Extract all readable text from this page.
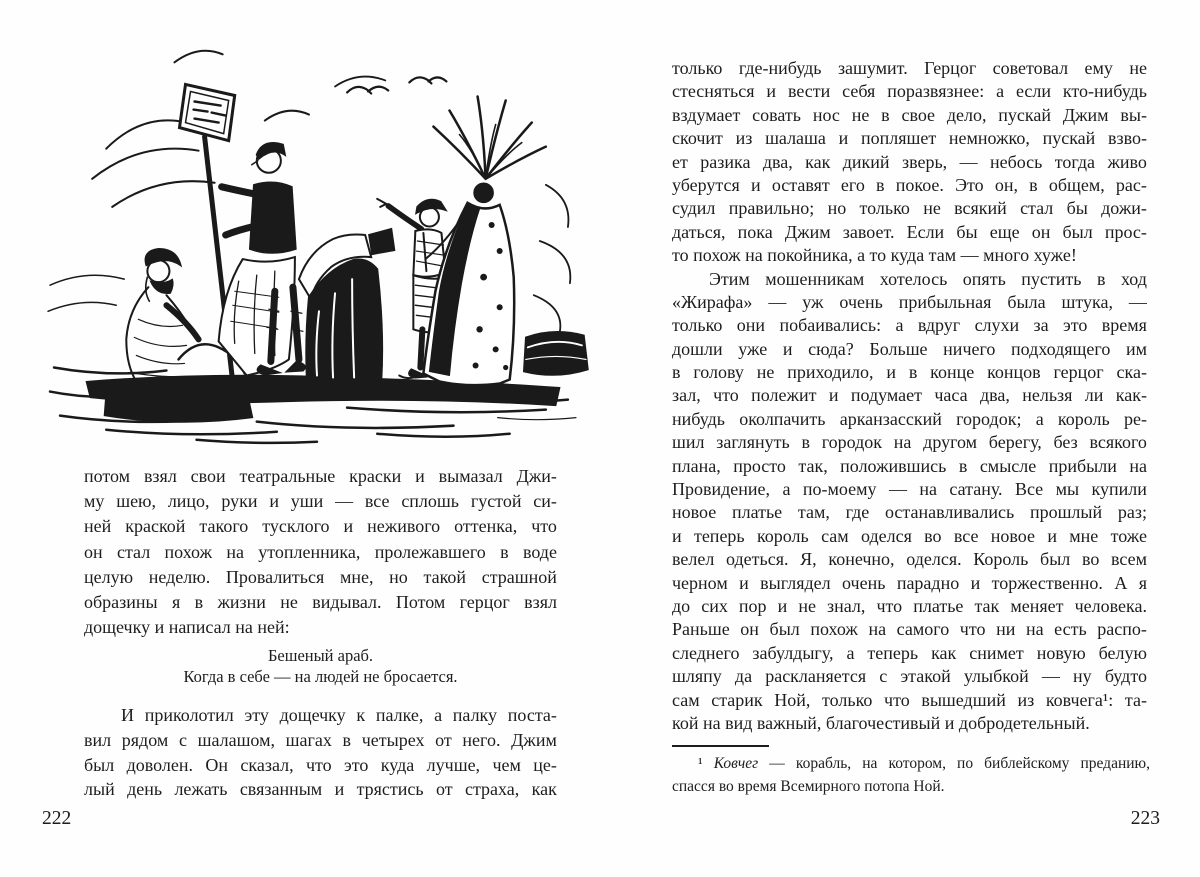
потом взял свои театральные краски и вымазал Джи-
му шею, лицо, руки и уши — все сплошь густой си-
ней краской такого тусклого и неживого оттенка, что
он стал похож на утопленника, пролежавшего в воде
целую неделю. Провалиться мне, но такой страшной
образины я в жизни не видывал. Потом герцог взял
дощечку и написал на ней:
Бешеный араб.
Когда в себе — на людей не бросается.
И приколотил эту дощечку к палке, а палку поста-
вил рядом с шалашом, шагах в четырех от него. Джим
был доволен. Он сказал, что это куда лучше, чем це-
лый день лежать связанным и трястись от страха, как
222
только где-нибудь зашумит. Герцог советовал ему не
стесняться и вести себя поразвязнее: а если кто-нибудь
вздумает совать нос не в свое дело, пускай Джим вы-
скочит из шалаша и попляшет немножко, пускай взво-
ет разика два, как дикий зверь, — небось тогда живо
уберутся и оставят его в покое. Это он, в общем, рас-
судил правильно; но только не всякий стал бы дожи-
даться, пока Джим завоет. Если бы еще он был прос-
то похож на покойника, а то куда там — много хуже!
Этим мошенникам хотелось опять пустить в ход
«Жирафа» — уж очень прибыльная была штука, —
только они побаивались: а вдруг слухи за это время
дошли уже и сюда? Больше ничего подходящего им
в голову не приходило, и в конце концов герцог ска-
зал, что полежит и подумает часа два, нельзя ли как-
нибудь околпачить арканзасский городок; а король ре-
шил заглянуть в городок на другом берегу, без всякого
плана, просто так, положившись в смысле прибыли на
Провидение, а по-моему — на сатану. Все мы купили
новое платье там, где останавливались прошлый раз;
и теперь король сам оделся во все новое и мне тоже
велел одеться. Я, конечно, оделся. Король был во всем
черном и выглядел очень парадно и торжественно. А я
до сих пор и не знал, что платье так меняет человека.
Раньше он был похож на самого что ни на есть распо-
следнего забулдыгу, а теперь как снимет новую белую
шляпу да раскланяется с этакой улыбкой — ну будто
сам старик Ной, только что вышедший из ковчега¹: та-
кой на вид важный, благочестивый и добродетельный.
¹ Ковчег — корабль, на котором, по библейскому преданию,
спасся во время Всемирного потопа Ной.
223
